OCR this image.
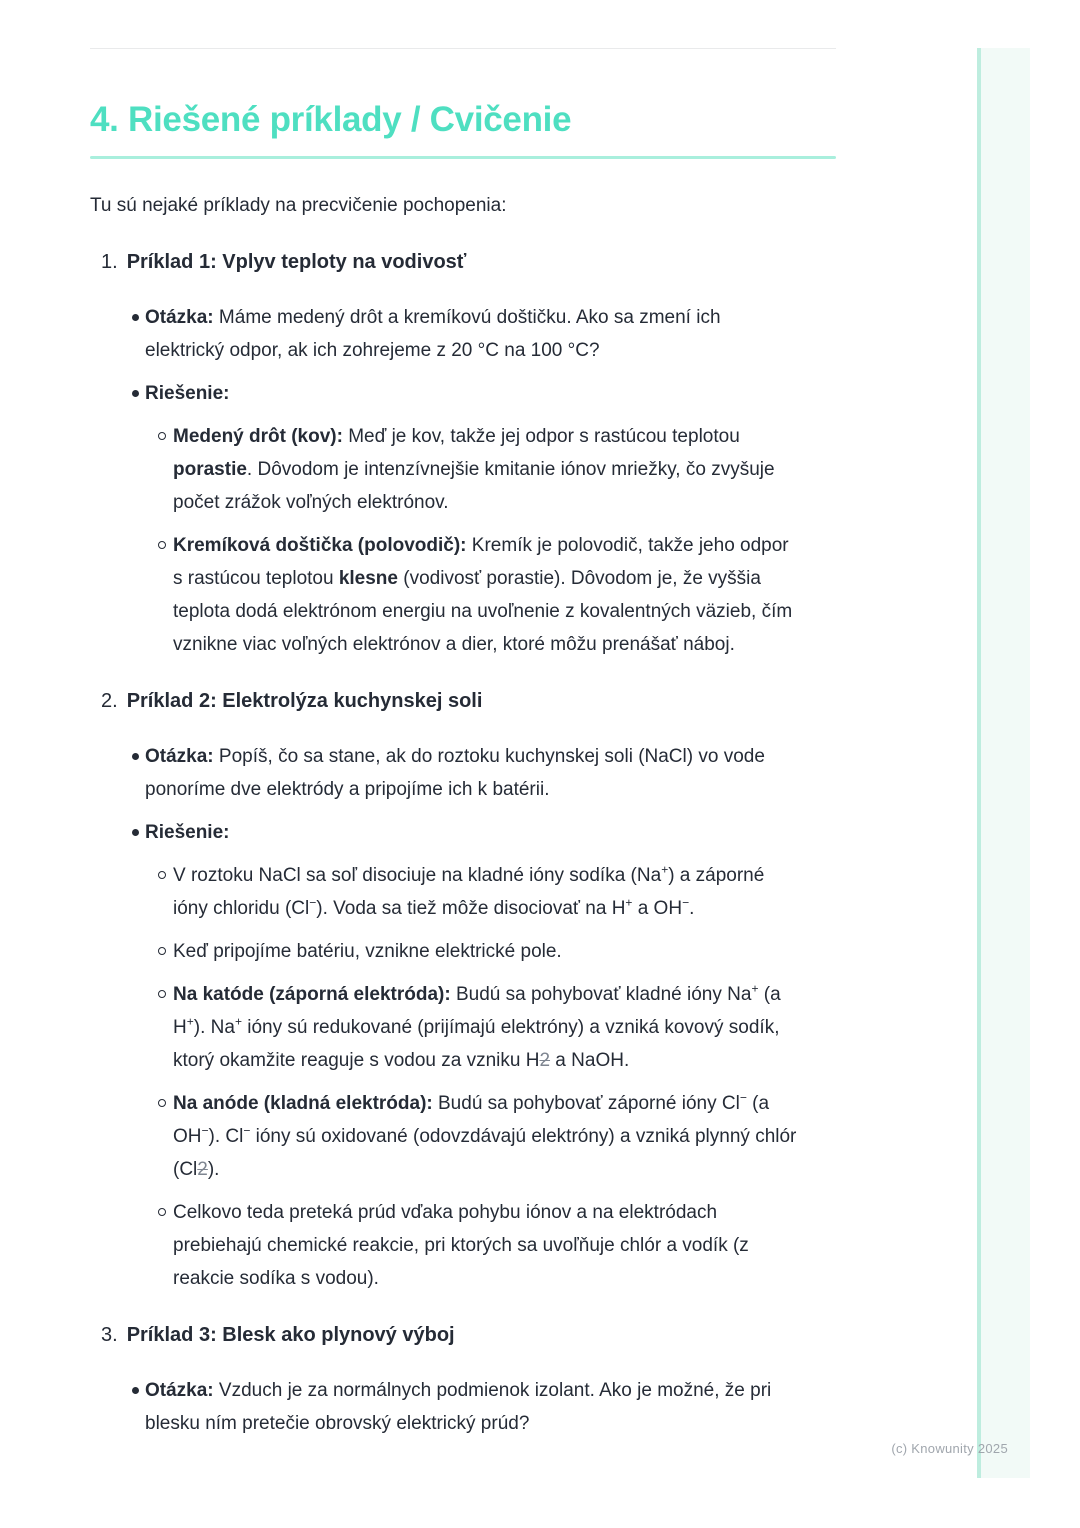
(c) Knowunity 2025
4. Riešené príklady / Cvičenie

Tu sú nejaké príklady na precvičenie pochopenia:

1. Príklad 1: Vplyv teploty na vodivosť
Otázka: Máme medený drôt a kremíkovú doštičku. Ako sa zmení ich elektrický odpor, ak ich zohrejeme z 20 °C na 100 °C?
Riešenie:
Medený drôt (kov): Meď je kov, takže jej odpor s rastúcou teplotou porastie. Dôvodom je intenzívnejšie kmitanie iónov mriežky, čo zvyšuje počet zrážok voľných elektrónov.
Kremíková doštička (polovodič): Kremík je polovodič, takže jeho odpor s rastúcou teplotou klesne (vodivosť porastie). Dôvodom je, že vyššia teplota dodá elektrónom energiu na uvoľnenie z kovalentných väzieb, čím vznikne viac voľných elektrónov a dier, ktoré môžu prenášať náboj.
2. Príklad 2: Elektrolýza kuchynskej soli
Otázka: Popíš, čo sa stane, ak do roztoku kuchynskej soli (NaCl) vo vode ponoríme dve elektródy a pripojíme ich k batérii.
Riešenie:
V roztoku NaCl sa soľ disociuje na kladné ióny sodíka (Na+) a záporné ióny chloridu (Cl−). Voda sa tiež môže disociovať na H+ a OH−.
Keď pripojíme batériu, vznikne elektrické pole.
Na katóde (záporná elektróda): Budú sa pohybovať kladné ióny Na+ (a H+). Na+ ióny sú redukované (prijímajú elektróny) a vzniká kovový sodík, ktorý okamžite reaguje s vodou za vzniku H2 a NaOH.
Na anóde (kladná elektróda): Budú sa pohybovať záporné ióny Cl− (a OH−). Cl− ióny sú oxidované (odovzdávajú elektróny) a vzniká plynný chlór (Cl2).
Celkovo teda preteká prúd vďaka pohybu iónov a na elektródach prebiehajú chemické reakcie, pri ktorých sa uvoľňuje chlór a vodík (z reakcie sodíka s vodou).
3. Príklad 3: Blesk ako plynový výboj
Otázka: Vzduch je za normálnych podmienok izolant. Ako je možné, že pri blesku ním pretečie obrovský elektrický prúd?
